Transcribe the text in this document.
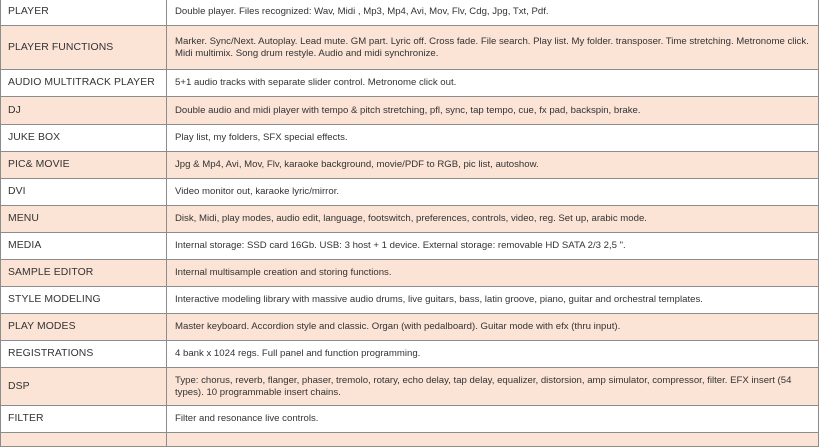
PLAYER	Double player. Files recognized: Wav, Midi , Mp3, Mp4, Avi, Mov, Flv, Cdg, Jpg, Txt, Pdf.
PLAYER FUNCTIONS	Marker. Sync/Next. Autoplay. Lead mute. GM part. Lyric off. Cross fade. File search. Play list. My folder. transposer. Time stretching. Metronome click. Midi multimix. Song drum restyle. Audio and midi synchronize.
AUDIO MULTITRACK PLAYER	5+1 audio tracks with separate slider control. Metronome click out.
DJ	Double audio and midi player with tempo & pitch stretching, pfl, sync, tap tempo, cue, fx pad, backspin, brake.
JUKE BOX	Play list, my folders, SFX special effects.
PIC& MOVIE	Jpg & Mp4, Avi, Mov, Flv, karaoke background, movie/PDF to RGB, pic list, autoshow.
DVI	Video monitor out, karaoke lyric/mirror.
MENU	Disk, Midi, play modes, audio edit, language, footswitch, preferences, controls, video, reg. Set up, arabic mode.
MEDIA	Internal storage: SSD card 16Gb. USB: 3 host + 1 device. External storage: removable HD SATA 2/3 2,5 ".
SAMPLE EDITOR	Internal multisample creation and storing functions.
STYLE MODELING	Interactive modeling library with massive audio drums, live guitars, bass, latin groove, piano, guitar and orchestral templates.
PLAY MODES	Master keyboard. Accordion style and classic. Organ (with pedalboard). Guitar mode with efx (thru input).
REGISTRATIONS	4 bank x 1024 regs. Full panel and function programming.
DSP	Type: chorus, reverb, flanger, phaser, tremolo, rotary, echo delay, tap delay, equalizer, distorsion, amp simulator, compressor, filter. EFX insert (54 types). 10 programmable insert chains.
FILTER	Filter and resonance live controls.
